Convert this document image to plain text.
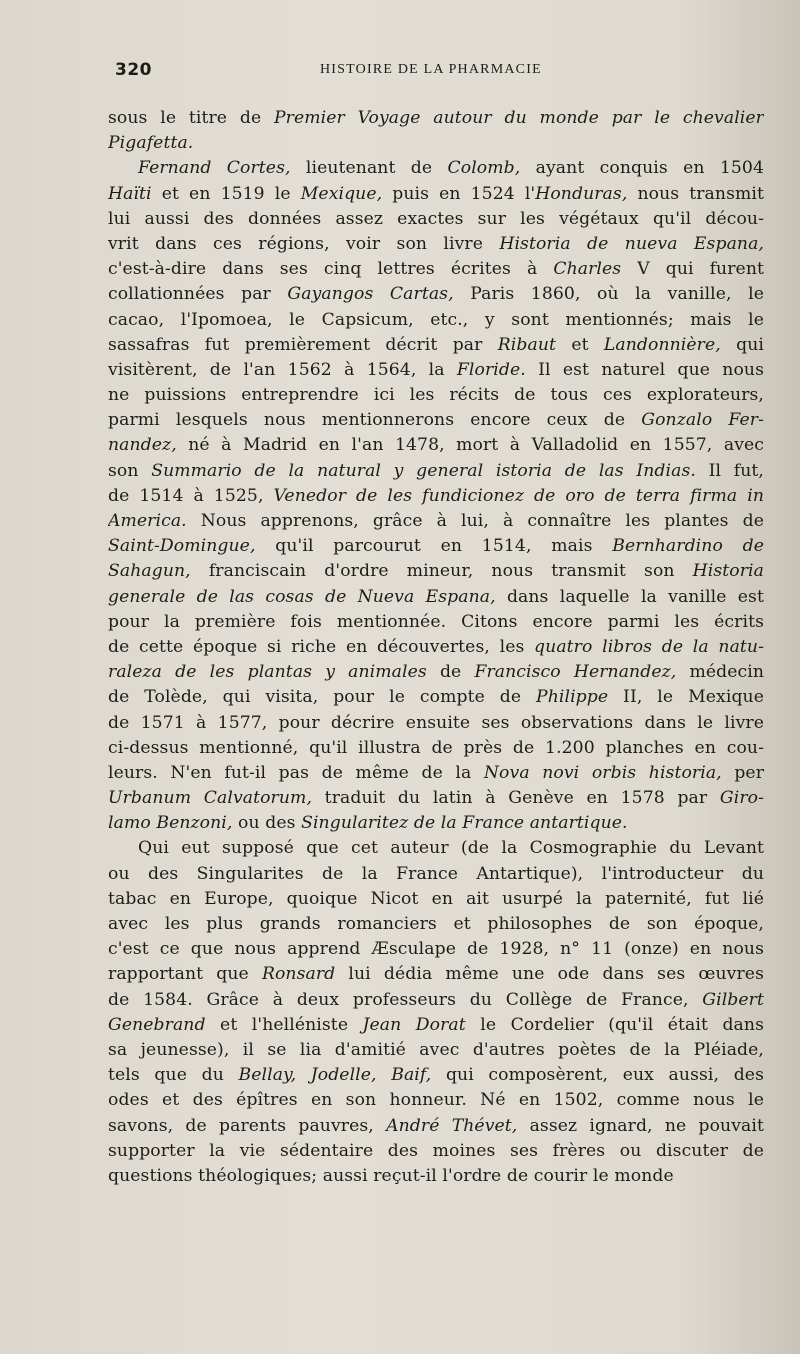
320	HISTOIRE DE LA PHARMACIE
sous le titre de Premier Voyage autour du monde par le chevalier
Pigafetta.
Fernand Cortes, lieutenant de Colomb, ayant conquis en 1504
Haïti et en 1519 le Mexique, puis en 1524 l'Honduras, nous transmit
lui aussi des données assez exactes sur les végétaux qu'il décou-
vrit dans ces régions, voir son livre Historia de nueva Espana,
c'est-à-dire dans ses cinq lettres écrites à Charles V qui furent
collationnées par Gayangos Cartas, Paris 1860, où la vanille, le
cacao, l'Ipomoea, le Capsicum, etc., y sont mentionnés; mais le
sassafras fut premièrement décrit par Ribaut et Landonnière, qui
visitèrent, de l'an 1562 à 1564, la Floride. Il est naturel que nous
ne puissions entreprendre ici les récits de tous ces explorateurs,
parmi lesquels nous mentionnerons encore ceux de Gonzalo Fer-
nandez, né à Madrid en l'an 1478, mort à Valladolid en 1557, avec
son Summario de la natural y general istoria de las Indias. Il fut,
de 1514 à 1525, Venedor de les fundicionez de oro de terra firma in
America. Nous apprenons, grâce à lui, à connaître les plantes de
Saint-Domingue, qu'il parcourut en 1514, mais Bernhardino de
Sahagun, franciscain d'ordre mineur, nous transmit son Historia
generale de las cosas de Nueva Espana, dans laquelle la vanille est
pour la première fois mentionnée. Citons encore parmi les écrits
de cette époque si riche en découvertes, les quatro libros de la natu-
raleza de les plantas y animales de Francisco Hernandez, médecin
de Tolède, qui visita, pour le compte de Philippe II, le Mexique
de 1571 à 1577, pour décrire ensuite ses observations dans le livre
ci-dessus mentionné, qu'il illustra de près de 1.200 planches en cou-
leurs. N'en fut-il pas de même de la Nova novi orbis historia, per
Urbanum Calvatorum, traduit du latin à Genève en 1578 par Giro-
lamo Benzoni, ou des Singularitez de la France antartique.
Qui eut supposé que cet auteur (de la Cosmographie du Levant
ou des Singularites de la France Antartique), l'introducteur du
tabac en Europe, quoique Nicot en ait usurpé la paternité, fut lié
avec les plus grands romanciers et philosophes de son époque,
c'est ce que nous apprend Æsculape de 1928, n° 11 (onze) en nous
rapportant que Ronsard lui dédia même une ode dans ses œuvres
de 1584. Grâce à deux professeurs du Collège de France, Gilbert
Genebrand et l'helléniste Jean Dorat le Cordelier (qu'il était dans
sa jeunesse), il se lia d'amitié avec d'autres poètes de la Pléiade,
tels que du Bellay, Jodelle, Baif, qui composèrent, eux aussi, des
odes et des épîtres en son honneur. Né en 1502, comme nous le
savons, de parents pauvres, André Thévet, assez ignard, ne pouvait
supporter la vie sédentaire des moines ses frères ou discuter de
questions théologiques; aussi reçut-il l'ordre de courir le monde
